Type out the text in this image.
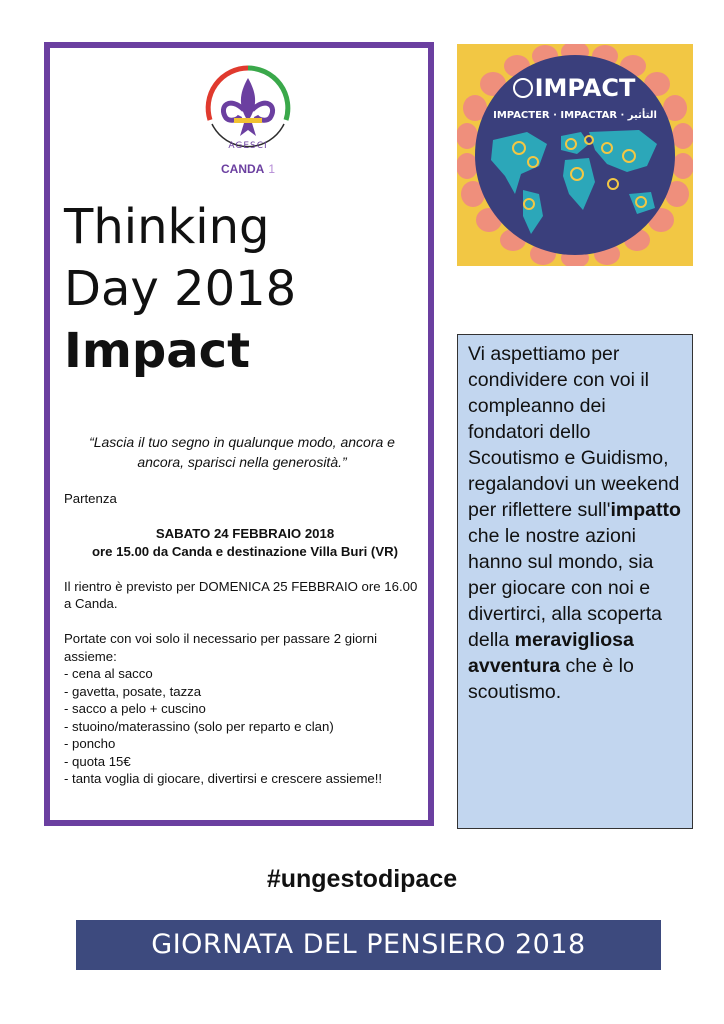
AGESCI
CANDA 1
Thinking
Day 2018
Impact
“Lascia il tuo segno in qualunque modo, ancora e ancora, sparisci nella generosità.”

Partenza

SABATO 24 FEBBRAIO 2018

ore 15.00 da Canda e destinazione Villa Buri (VR)

Il rientro è previsto per DOMENICA 25 FEBBRAIO ore 16.00 a Canda.

Portate con voi solo il necessario per passare 2 giorni assieme:

- cena al sacco

- gavetta, posate, tazza

- sacco a pelo + cuscino

- stuoino/materassino (solo per reparto e clan)

- poncho

- quota 15€

- tanta voglia di giocare, divertirsi e crescere assieme!!

IMPACT
IMPACTER · IMPACTAR · التأثير
Vi aspettiamo per condividere con voi il compleanno dei fondatori dello Scoutismo e Guidismo, regalandovi un weekend per riflettere sull'impatto che le nostre azioni hanno sul mondo, sia per giocare con noi e divertirci, alla scoperta della meravigliosa avventura che è lo scoutismo.
#ungestodipace
GIORNATA DEL PENSIERO 2018
